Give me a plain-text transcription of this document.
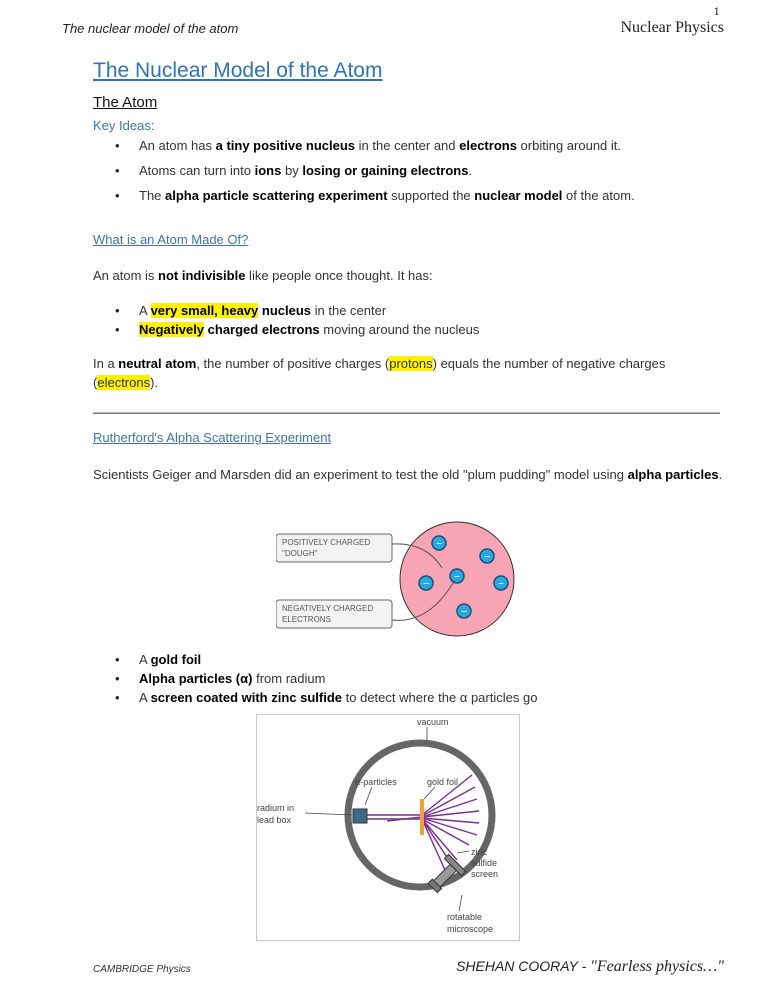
The nuclear model of the atom
1
Nuclear Physics
The Nuclear Model of the Atom
The Atom
Key Ideas:
• An atom has a tiny positive nucleus in the center and electrons orbiting around it.
• Atoms can turn into ions by losing or gaining electrons.
• The alpha particle scattering experiment supported the nuclear model of the atom.
What is an Atom Made Of?
An atom is not indivisible like people once thought. It has:
• A very small, heavy nucleus in the center
• Negatively charged electrons moving around the nucleus
In a neutral atom, the number of positive charges (protons) equals the number of negative charges (electrons).
Rutherford's Alpha Scattering Experiment
Scientists Geiger and Marsden did an experiment to test the old "plum pudding" model using alpha particles.
POSITIVELY CHARGED
"DOUGH"
NEGATIVELY CHARGED
ELECTRONS
−
−
−
−	−
−
• A gold foil
• Alpha particles (α) from radium
• A screen coated with zinc sulfide to detect where the α particles go
vacuum
α-particles	gold foil
radium in
lead box
zinc
sulfide
screen
rotatable
microscope
CAMBRIDGE Physics	SHEHAN COORAY - "Fearless physics…"
